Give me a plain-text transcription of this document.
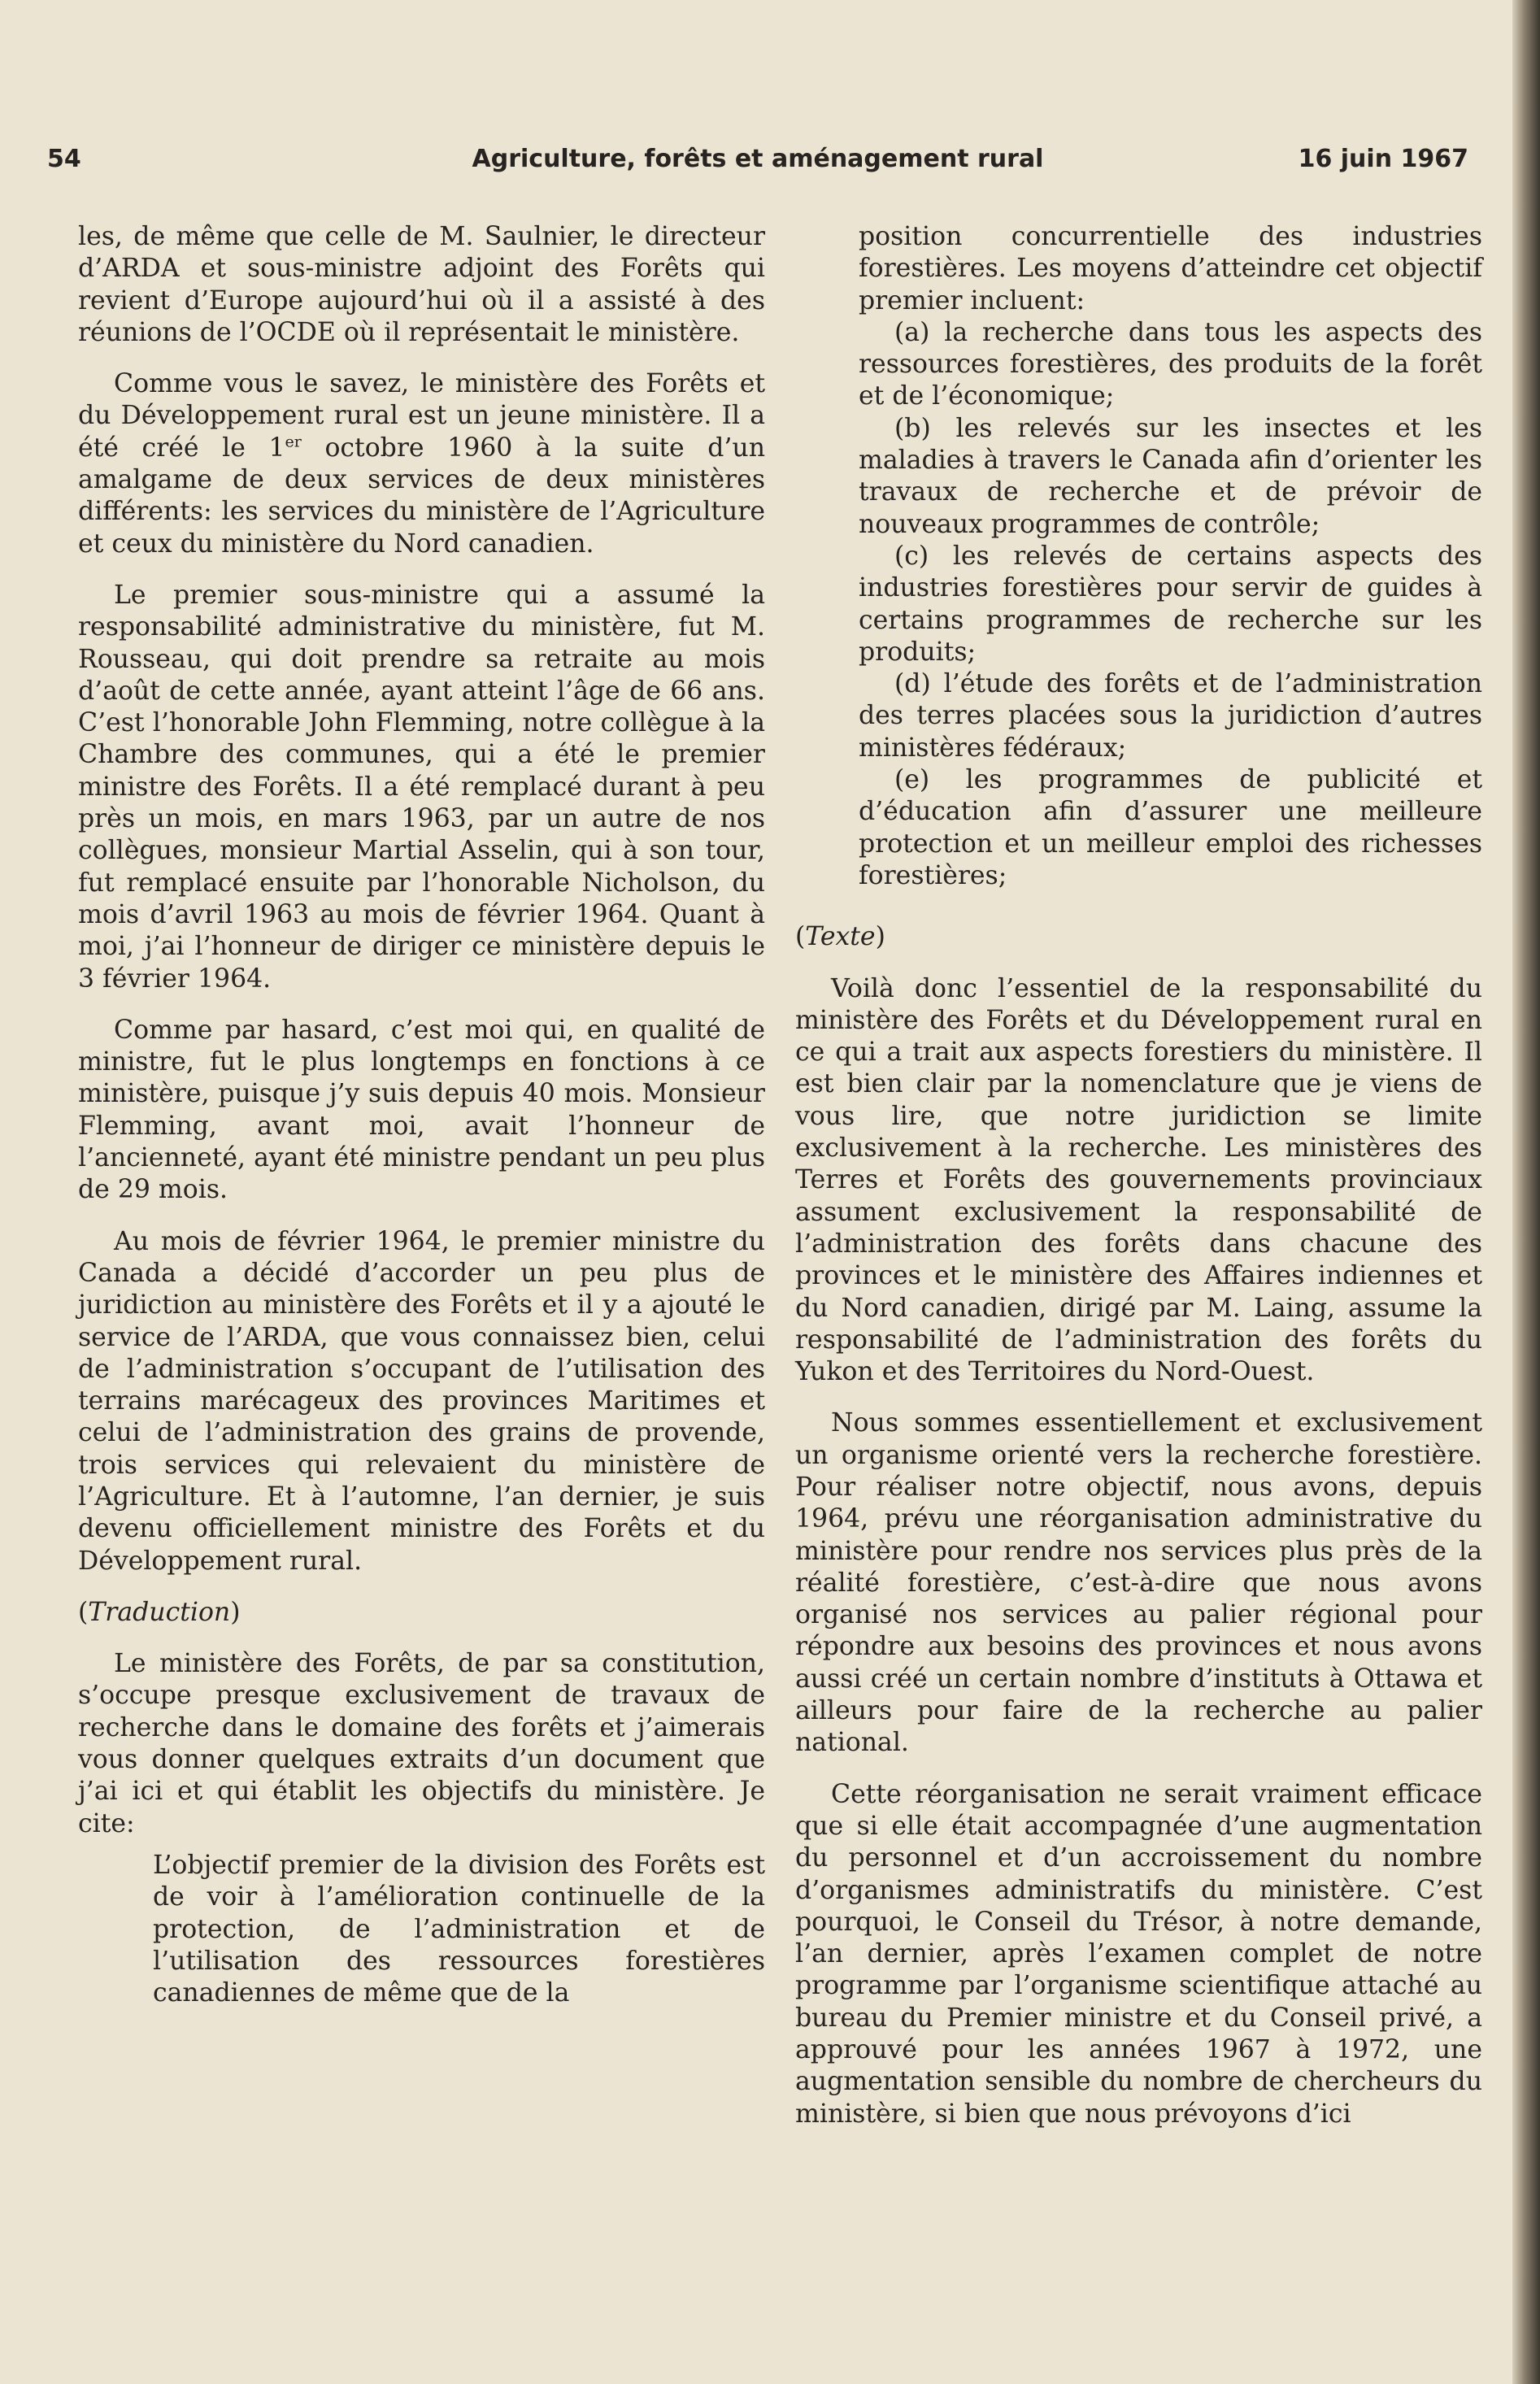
54	Agriculture, forêts et aménagement rural	16 juin 1967

les, de même que celle de M. Saulnier, le directeur d’ARDA et sous-ministre adjoint des Forêts qui revient d’Europe aujourd’hui où il a assisté à des réunions de l’OCDE où il représentait le ministère.

Comme vous le savez, le ministère des Forêts et du Développement rural est un jeune ministère. Il a été créé le 1er octobre 1960 à la suite d’un amalgame de deux services de deux ministères différents: les services du ministère de l’Agriculture et ceux du ministère du Nord canadien.

Le premier sous-ministre qui a assumé la responsabilité administrative du ministère, fut M. Rousseau, qui doit prendre sa retraite au mois d’août de cette année, ayant atteint l’âge de 66 ans. C’est l’honorable John Flemming, notre collègue à la Chambre des communes, qui a été le premier ministre des Forêts. Il a été remplacé durant à peu près un mois, en mars 1963, par un autre de nos collègues, monsieur Martial Asselin, qui à son tour, fut remplacé ensuite par l’honorable Nicholson, du mois d’avril 1963 au mois de février 1964. Quant à moi, j’ai l’honneur de diriger ce ministère depuis le 3 février 1964.

Comme par hasard, c’est moi qui, en qualité de ministre, fut le plus longtemps en fonctions à ce ministère, puisque j’y suis depuis 40 mois. Monsieur Flemming, avant moi, avait l’honneur de l’ancienneté, ayant été ministre pendant un peu plus de 29 mois.

Au mois de février 1964, le premier ministre du Canada a décidé d’accorder un peu plus de juridiction au ministère des Forêts et il y a ajouté le service de l’ARDA, que vous connaissez bien, celui de l’administration s’occupant de l’utilisation des terrains marécageux des provinces Maritimes et celui de l’administration des grains de provende, trois services qui relevaient du ministère de l’Agriculture. Et à l’automne, l’an dernier, je suis devenu officiellement ministre des Forêts et du Développement rural.

(Traduction)

Le ministère des Forêts, de par sa constitution, s’occupe presque exclusivement de travaux de recherche dans le domaine des forêts et j’aimerais vous donner quelques extraits d’un document que j’ai ici et qui établit les objectifs du ministère. Je cite:

L’objectif premier de la division des Forêts est de voir à l’amélioration continuelle de la protection, de l’administration et de l’utilisation des ressources forestières canadiennes de même que de la

position concurrentielle des industries forestières. Les moyens d’atteindre cet objectif premier incluent:

(a) la recherche dans tous les aspects des ressources forestières, des produits de la forêt et de l’économique;

(b) les relevés sur les insectes et les maladies à travers le Canada afin d’orienter les travaux de recherche et de prévoir de nouveaux programmes de contrôle;

(c) les relevés de certains aspects des industries forestières pour servir de guides à certains programmes de recherche sur les produits;

(d) l’étude des forêts et de l’administration des terres placées sous la juridiction d’autres ministères fédéraux;

(e) les programmes de publicité et d’éducation afin d’assurer une meilleure protection et un meilleur emploi des richesses forestières;

(Texte)

Voilà donc l’essentiel de la responsabilité du ministère des Forêts et du Développement rural en ce qui a trait aux aspects forestiers du ministère. Il est bien clair par la nomenclature que je viens de vous lire, que notre juridiction se limite exclusivement à la recherche. Les ministères des Terres et Forêts des gouvernements provinciaux assument exclusivement la responsabilité de l’administration des forêts dans chacune des provinces et le ministère des Affaires indiennes et du Nord canadien, dirigé par M. Laing, assume la responsabilité de l’administration des forêts du Yukon et des Territoires du Nord-Ouest.

Nous sommes essentiellement et exclusivement un organisme orienté vers la recherche forestière. Pour réaliser notre objectif, nous avons, depuis 1964, prévu une réorganisation administrative du ministère pour rendre nos services plus près de la réalité forestière, c’est-à-dire que nous avons organisé nos services au palier régional pour répondre aux besoins des provinces et nous avons aussi créé un certain nombre d’instituts à Ottawa et ailleurs pour faire de la recherche au palier national.

Cette réorganisation ne serait vraiment efficace que si elle était accompagnée d’une augmentation du personnel et d’un accroissement du nombre d’organismes administratifs du ministère. C’est pourquoi, le Conseil du Trésor, à notre demande, l’an dernier, après l’examen complet de notre programme par l’organisme scientifique attaché au bureau du Premier ministre et du Conseil privé, a approuvé pour les années 1967 à 1972, une augmentation sensible du nombre de chercheurs du ministère, si bien que nous prévoyons d’ici
